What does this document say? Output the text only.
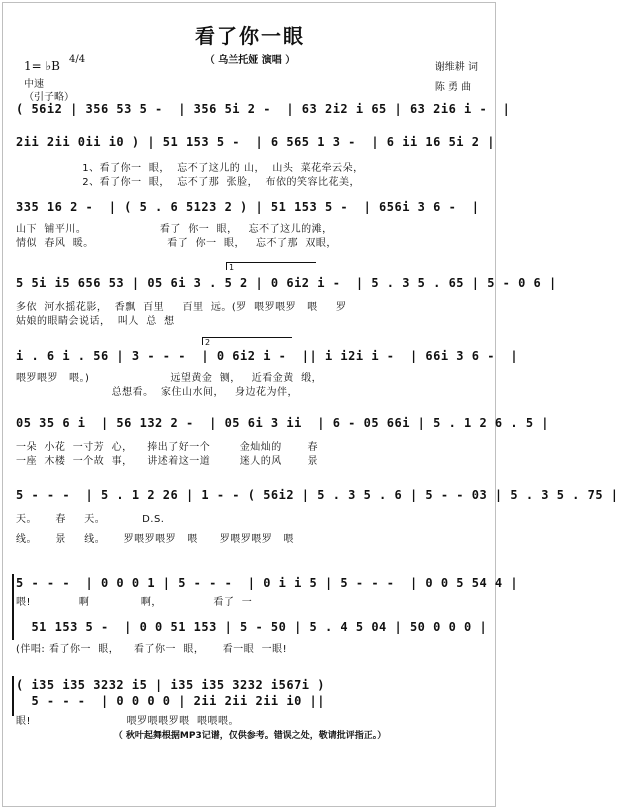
看了你一眼
（ 乌兰托娅 演唱 ）
1= ♭B 4/4
中速
（引子略）
谢维耕 词
陈 勇 曲
( 56i2 | 356 53 5 -  | 356 5i 2 -  | 63 2i2 i 65 | 63 2i6 i -  |
2ii 2ii 0ii i0 ) | 51 153 5 -  | 6 565 1 3 -  | 6 ii 16 5i 2 |
1、看了你一  眼，  忘不了这儿的 山，  山头  菜花牵云朵，
2、看了你一  眼，  忘不了那  张脸，  布依的笑容比花美，
335 16 2 -  | ( 5 . 6 5123 2 ) | 51 153 5 -  | 656i 3 6 -  |
山下  铺平川。                    看了  你一  眼，   忘不了这儿的滩，
情似  春风  暖。                    看了  你一  眼，   忘不了那  双眼，
1
5 5i i5 656 53 | 05 6i 3 . 5 2 | 0 6i2 i -  | 5 . 3 5 . 65 | 5 - 0 6 |
多依  河水摇花影，  香飘  百里     百里  远。(罗  喂罗喂罗   喂     罗
姑娘的眼睛会说话，  叫人  总  想
2
i . 6 i . 56 | 3 - - -  | 0 6i2 i -  || i i2i i -  | 66i 3 6 -  |
喂罗喂罗   喂。)                      远望黄金  铡，   近看金黄  缎，
总想看。  家住山水间，   身边花为伴，
05 35 6 i  | 56 132 2 -  | 05 6i 3 ii  | 6 - 05 66i | 5 . 1 2 6 . 5 |
一朵  小花  一寸芳  心，    捧出了好一个        金灿灿的       春
一座  木楼  一个故  事，    讲述着这一道        迷人的风       景
5 - - -  | 5 . 1 2 26 | 1 - - ( 56i2 | 5 . 3 5 . 6 | 5 - - 03 | 5 . 3 5 . 75 |
天。     春     天。          D.S.
线。     景     线。     罗喂罗喂罗   喂      罗喂罗喂罗   喂
5 - - -  | 0 0 0 1 | 5 - - -  | 0 i i 5 | 5 - - -  | 0 0 5 54 4 |
喂!             啊              啊，              看了  一
51 153 5 -  | 0 0 51 153 | 5 - 50 | 5 . 4 5 04 | 50 0 0 0 |
(伴唱: 看了你一  眼，    看了你一  眼，     看一眼  一眼!
( i35 i35 3232 i5 | i35 i35 3232 i567i )
5 - - -  | 0 0 0 0 | 2ii 2ii 2ii i0 ||
眼!                          喂罗喂喂罗喂  喂喂喂。
（ 秋叶起舞根据MP3记谱，仅供参考。错误之处，敬请批评指正。）
